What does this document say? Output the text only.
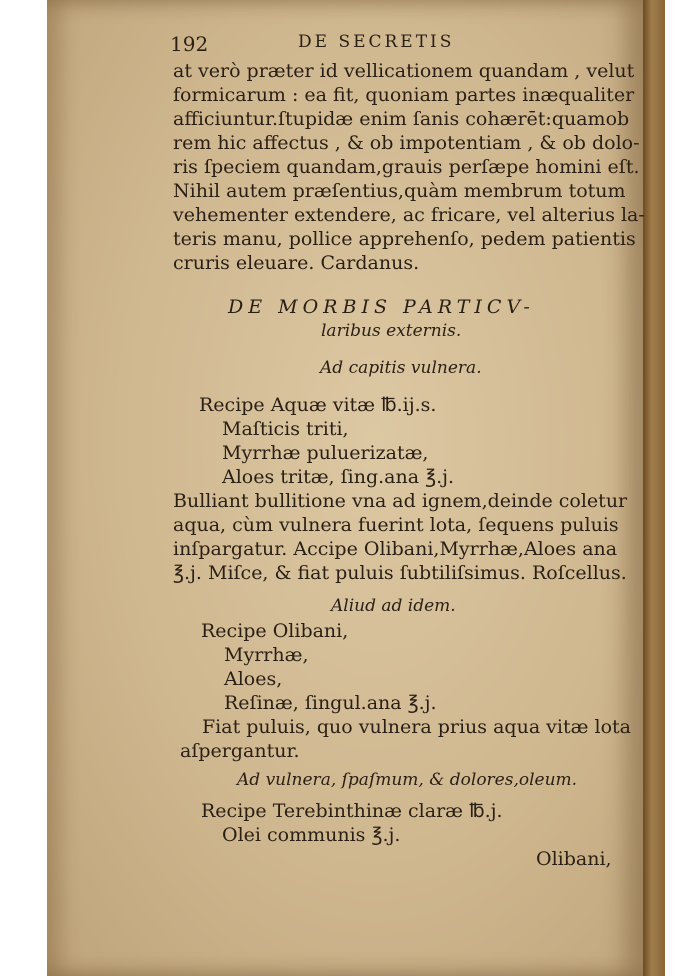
192	DE SECRETIS
at verò præter id vellicationem quandam , velut
formicarum : ea fit, quoniam partes inæqualiter
afficiuntur.ſtupidæ enim ſanis cohærēt:quamob
rem hic affectus , & ob impotentiam , & ob dolo-
ris ſpeciem quandam,grauis perſæpe homini eſt.
Nihil autem præſentius,quàm membrum totum
vehementer extendere, ac fricare, vel alterius la-
teris manu, pollice apprehenſo, pedem patientis
cruris eleuare. Cardanus.
DE MORBIS PARTICV-
laribus externis.
Ad capitis vulnera.
Recipe Aquæ vitæ ℔.ij.s.
Maſticis triti,
Myrrhæ puluerizatæ,
Aloes tritæ, ſing.ana ℥.j.
Bulliant bullitione vna ad ignem,deinde coletur
aqua, cùm vulnera fuerint lota, ſequens puluis
inſpargatur. Accipe Olibani,Myrrhæ,Aloes ana
℥.j. Miſce, & fiat puluis ſubtiliſsimus. Roſcellus.
Aliud ad idem.
Recipe Olibani,
Myrrhæ,
Aloes,
Reſinæ, ſingul.ana ℥.j.
Fiat puluis, quo vulnera prius aqua vitæ lota
aſpergantur.
Ad vulnera, ſpaſmum, & dolores,oleum.
Recipe Terebinthinæ claræ ℔.j.
Olei communis ℥.j.
Olibani,
